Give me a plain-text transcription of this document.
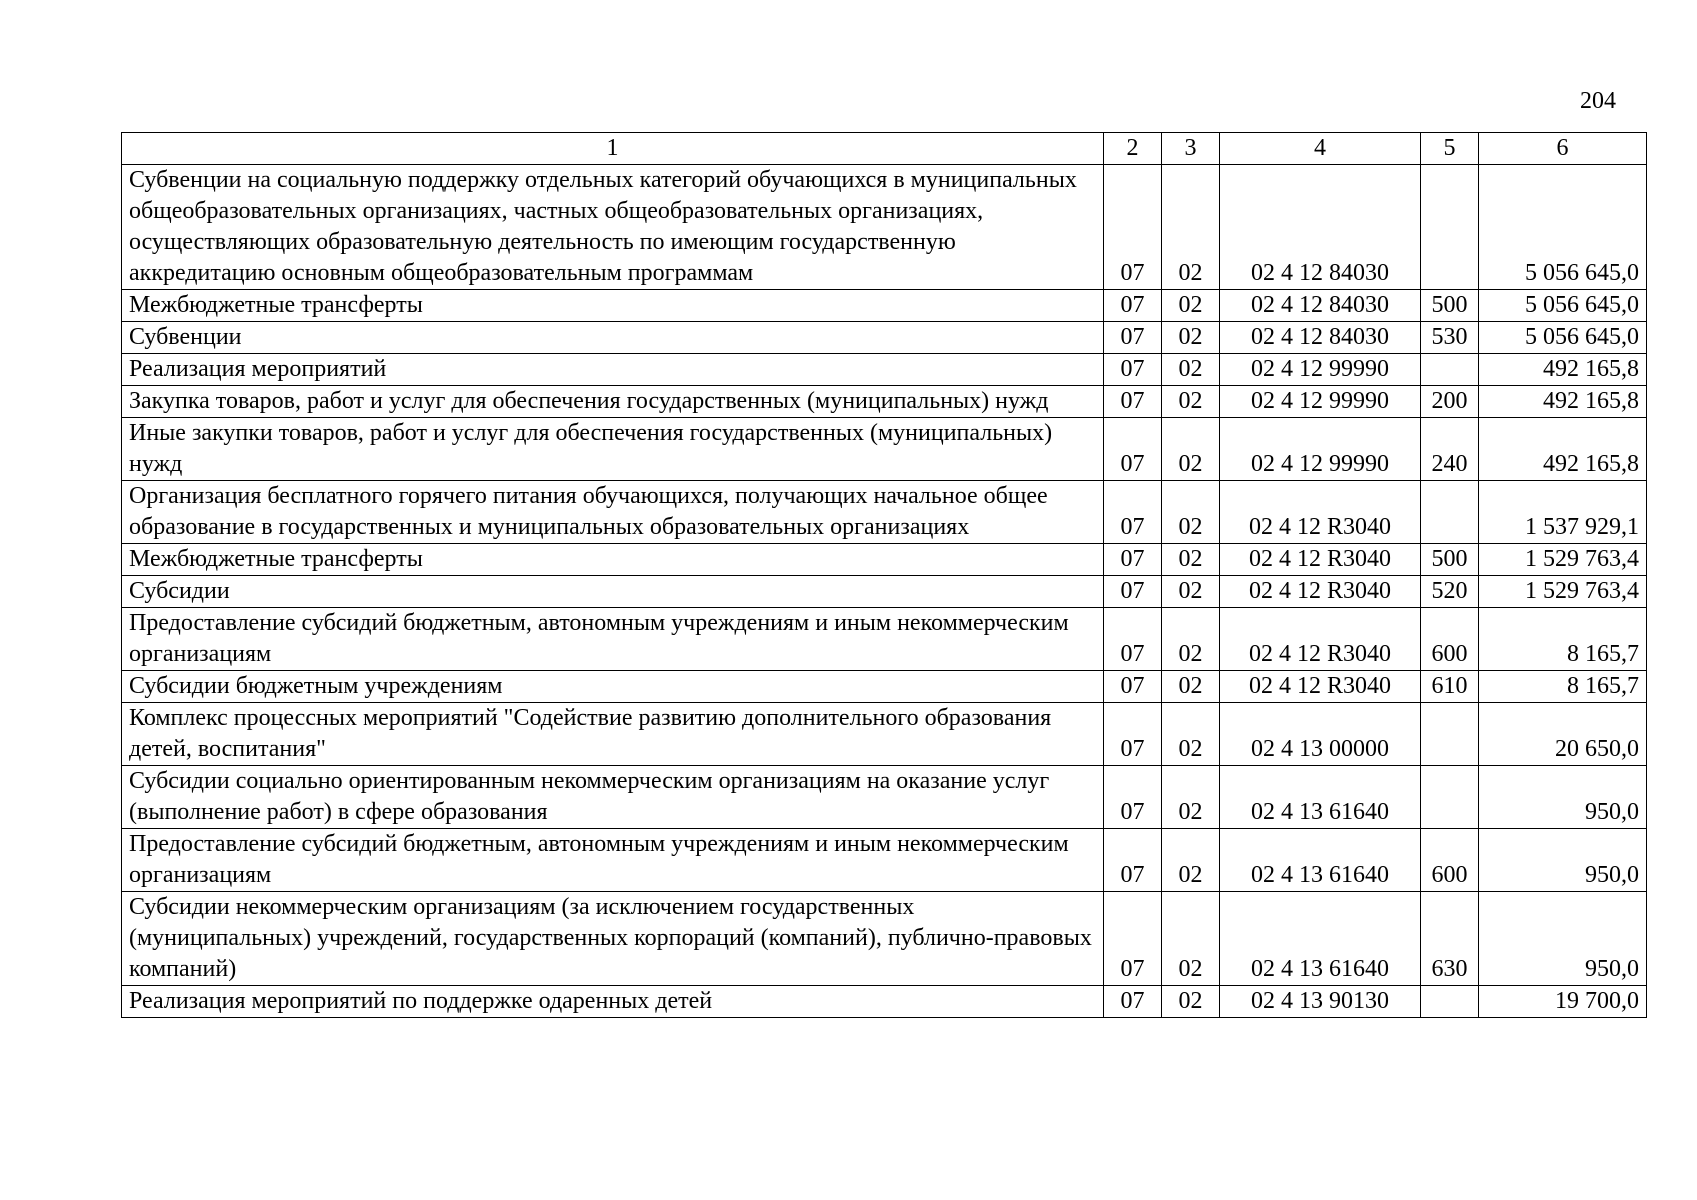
204
1	2	3	4	5	6
Субвенции на социальную поддержку отдельных категорий обучающихся в муниципальных общеобразовательных организациях, частных общеобразовательных организациях, осуществляющих образовательную деятельность по имеющим государственную аккредитацию основным общеобразовательным программам	07	02	02 4 12 84030		5 056 645,0
Межбюджетные трансферты	07	02	02 4 12 84030	500	5 056 645,0
Субвенции	07	02	02 4 12 84030	530	5 056 645,0
Реализация мероприятий	07	02	02 4 12 99990		492 165,8
Закупка товаров, работ и услуг для обеспечения государственных (муниципальных) нужд	07	02	02 4 12 99990	200	492 165,8
Иные закупки товаров, работ и услуг для обеспечения государственных (муниципальных) нужд	07	02	02 4 12 99990	240	492 165,8
Организация бесплатного горячего питания обучающихся, получающих начальное общее образование в государственных и муниципальных образовательных организациях	07	02	02 4 12 R3040		1 537 929,1
Межбюджетные трансферты	07	02	02 4 12 R3040	500	1 529 763,4
Субсидии	07	02	02 4 12 R3040	520	1 529 763,4
Предоставление субсидий бюджетным, автономным учреждениям и иным некоммерческим организациям	07	02	02 4 12 R3040	600	8 165,7
Субсидии бюджетным учреждениям	07	02	02 4 12 R3040	610	8 165,7
Комплекс процессных мероприятий "Содействие развитию дополнительного образования детей, воспитания"	07	02	02 4 13 00000		20 650,0
Субсидии социально ориентированным некоммерческим организациям на оказание услуг (выполнение работ) в сфере образования	07	02	02 4 13 61640		950,0
Предоставление субсидий бюджетным, автономным учреждениям и иным некоммерческим организациям	07	02	02 4 13 61640	600	950,0
Субсидии некоммерческим организациям (за исключением государственных (муниципальных) учреждений, государственных корпораций (компаний), публично-правовых компаний)	07	02	02 4 13 61640	630	950,0
Реализация мероприятий по поддержке одаренных детей	07	02	02 4 13 90130		19 700,0
